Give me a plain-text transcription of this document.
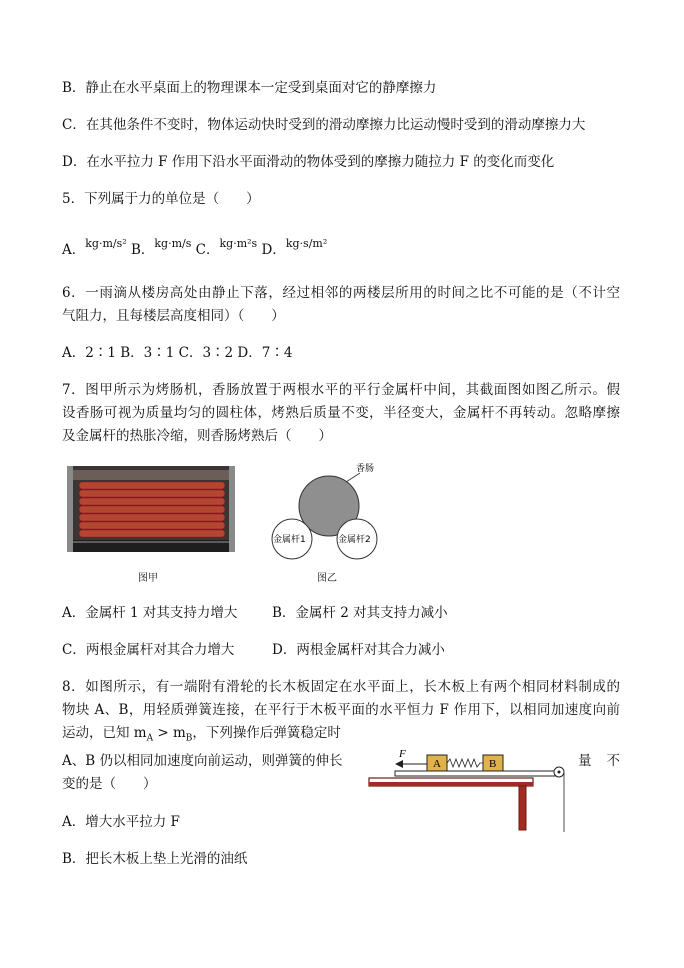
B．静止在水平桌面上的物理课本一定受到桌面对它的静摩擦力
C．在其他条件不变时，物体运动快时受到的滑动摩擦力比运动慢时受到的滑动摩擦力大
D．在水平拉力 F 作用下沿水平面滑动的物体受到的摩擦力随拉力 F 的变化而变化
5．下列属于力的单位是（　　）
A．$^{kg\cdot m/s^2}$ B．$^{kg\cdot m/s}$ C．$^{kg\cdot m^2s}$ D．$^{kg\cdot s/m^2}$
6．一雨滴从楼房高处由静止下落，经过相邻的两楼层所用的时间之比不可能的是（不计空
气阻力，且每楼层高度相同）（　　）
A．2∶1 B．3∶1 C．3∶2 D．7∶4
7．图甲所示为烤肠机，香肠放置于两根水平的平行金属杆中间，其截面图如图乙所示。假
设香肠可视为质量均匀的圆柱体，烤熟后质量不变，半径变大，金属杆不再转动。忽略摩擦
及金属杆的热胀冷缩，则香肠烤熟后（　　）
图甲
香肠
金属杆1	金属杆2
图乙
A．金属杆 1 对其支持力增大	B．金属杆 2 对其支持力减小
C．两根金属杆对其合力增大	D．两根金属杆对其合力减小
8．如图所示，有一端附有滑轮的长木板固定在水平面上，长木板上有两个相同材料制成的
物块 A、B，用轻质弹簧连接，在平行于木板平面的水平恒力 F 作用下，以相同加速度向前
运动，已知 $m_A > m_B$，下列操作后弹簧稳定时
A、B 仍以相同加速度向前运动，则弹簧的伸长	量 不
变的是（　　）
F
A	B
A．增大水平拉力 F
B．把长木板上垫上光滑的油纸
